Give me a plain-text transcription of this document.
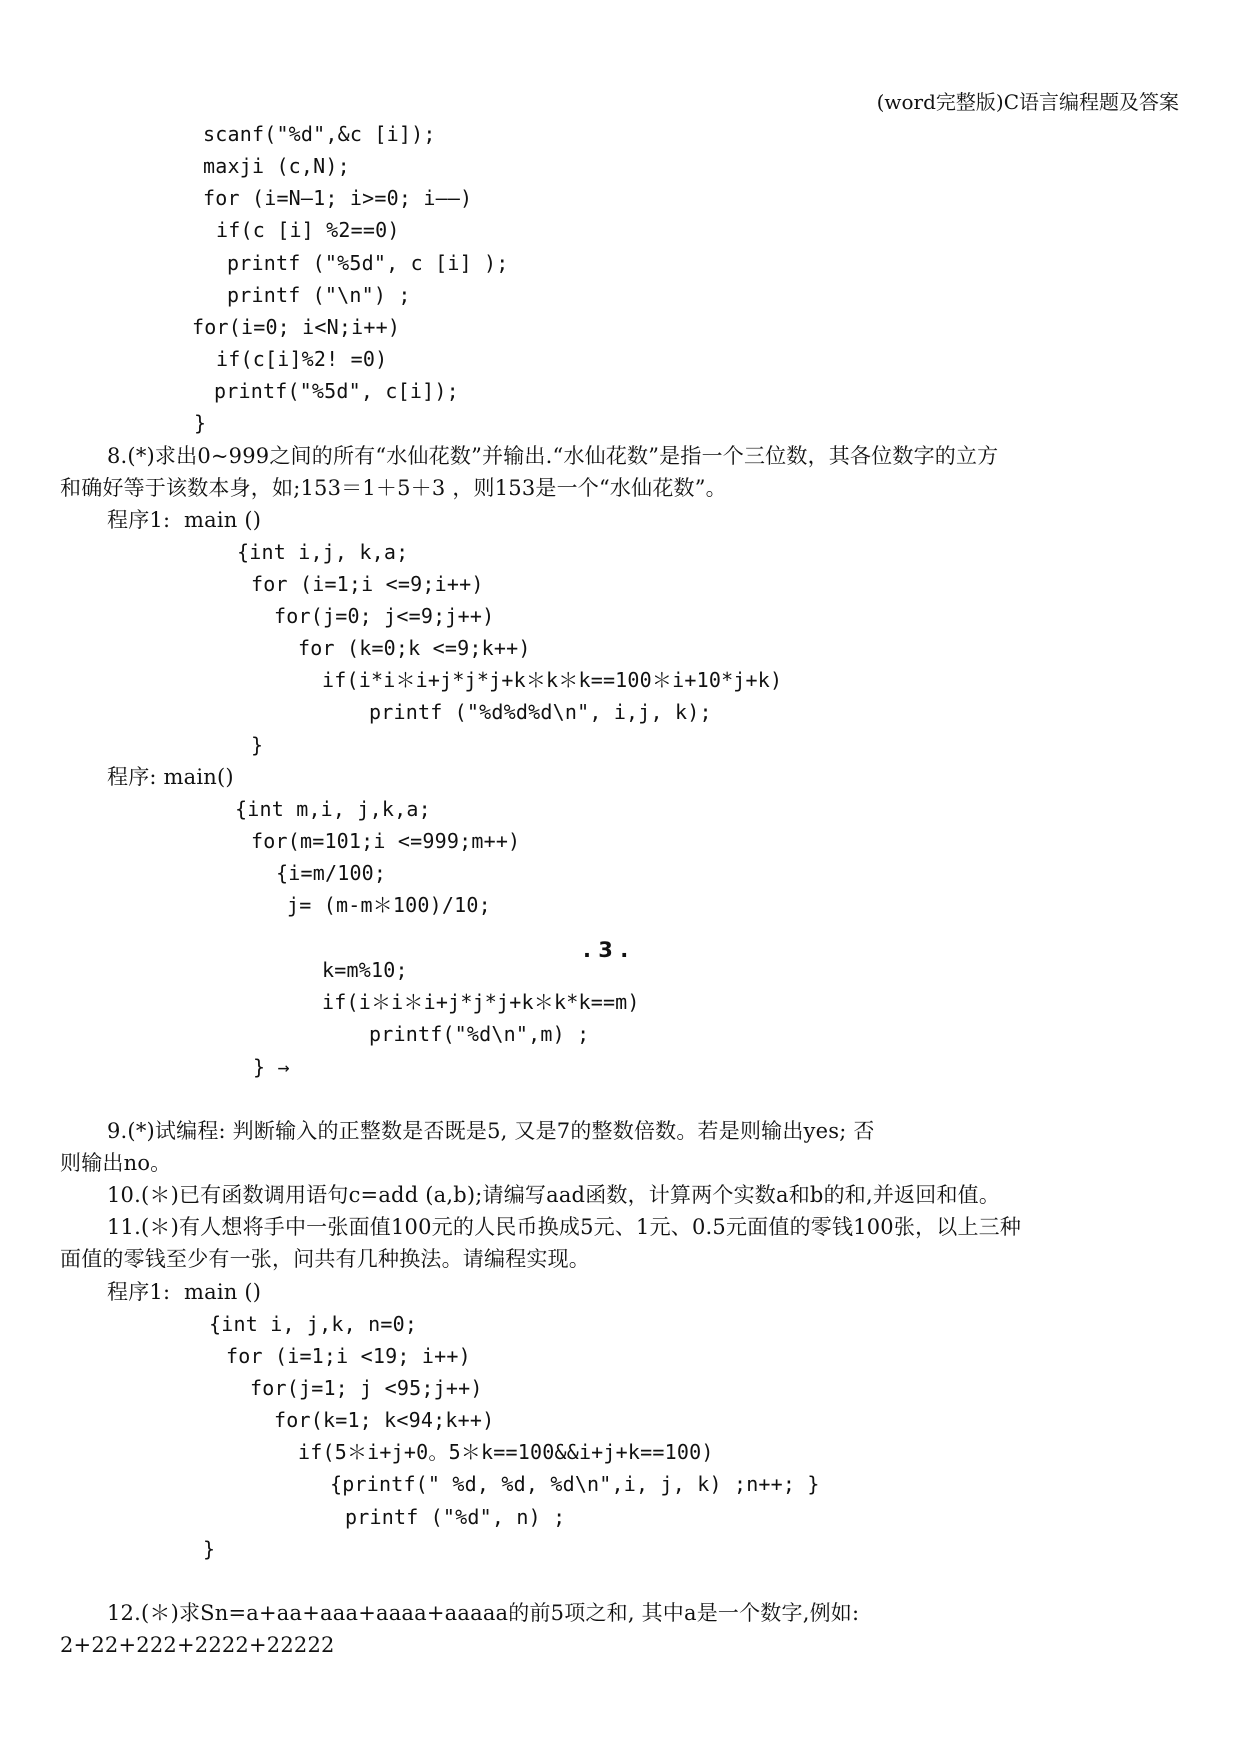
(word完整版)C语言编程题及答案
scanf("%d",&c [i]);
maxji (c,N);
for (i=N—1; i>=0; i——)
if(c [i] %2==0)
printf ("%5d", c [i] );
printf ("\n") ;
for(i=0; i<N;i++)
if(c[i]%2! =0)
printf("%5d", c[i]);
}
8.(*)求出0~999之间的所有“水仙花数”并输出.“水仙花数”是指一个三位数，其各位数字的立方
和确好等于该数本身，如;153＝1＋5＋3 ，则153是一个“水仙花数”。
程序1:  main ()
{int i,j, k,a;
for (i=1;i <=9;i++)
for(j=0; j<=9;j++)
for (k=0;k <=9;k++)
if(i*i＊i+j*j*j+k＊k＊k==100＊i+10*j+k)
printf ("%d%d%d\n", i,j, k);
}
程序: main()
{int m,i, j,k,a;
for(m=101;i <=999;m++)
{i=m/100;
j= (m-m＊100)/10;
. 3 .
k=m%10;
if(i＊i＊i+j*j*j+k＊k*k==m)
printf("%d\n",m) ;
} →
9.(*)试编程: 判断输入的正整数是否既是5, 又是7的整数倍数。若是则输出yes; 否
则输出no。
10.(＊)已有函数调用语句c=add (a,b);请编写aad函数，计算两个实数a和b的和,并返回和值。
11.(＊)有人想将手中一张面值100元的人民币换成5元、1元、0.5元面值的零钱100张，以上三种
面值的零钱至少有一张，问共有几种换法。请编程实现。
程序1:  main ()
{int i, j,k, n=0;
for (i=1;i <19; i++)
for(j=1; j <95;j++)
for(k=1; k<94;k++)
if(5＊i+j+0。5＊k==100&&i+j+k==100)
{printf(" %d, %d, %d\n",i, j, k) ;n++; }
printf ("%d", n) ;
}
12.(＊)求Sn=a+aa+aaa+aaaa+aaaaa的前5项之和, 其中a是一个数字,例如:
2+22+222+2222+22222
